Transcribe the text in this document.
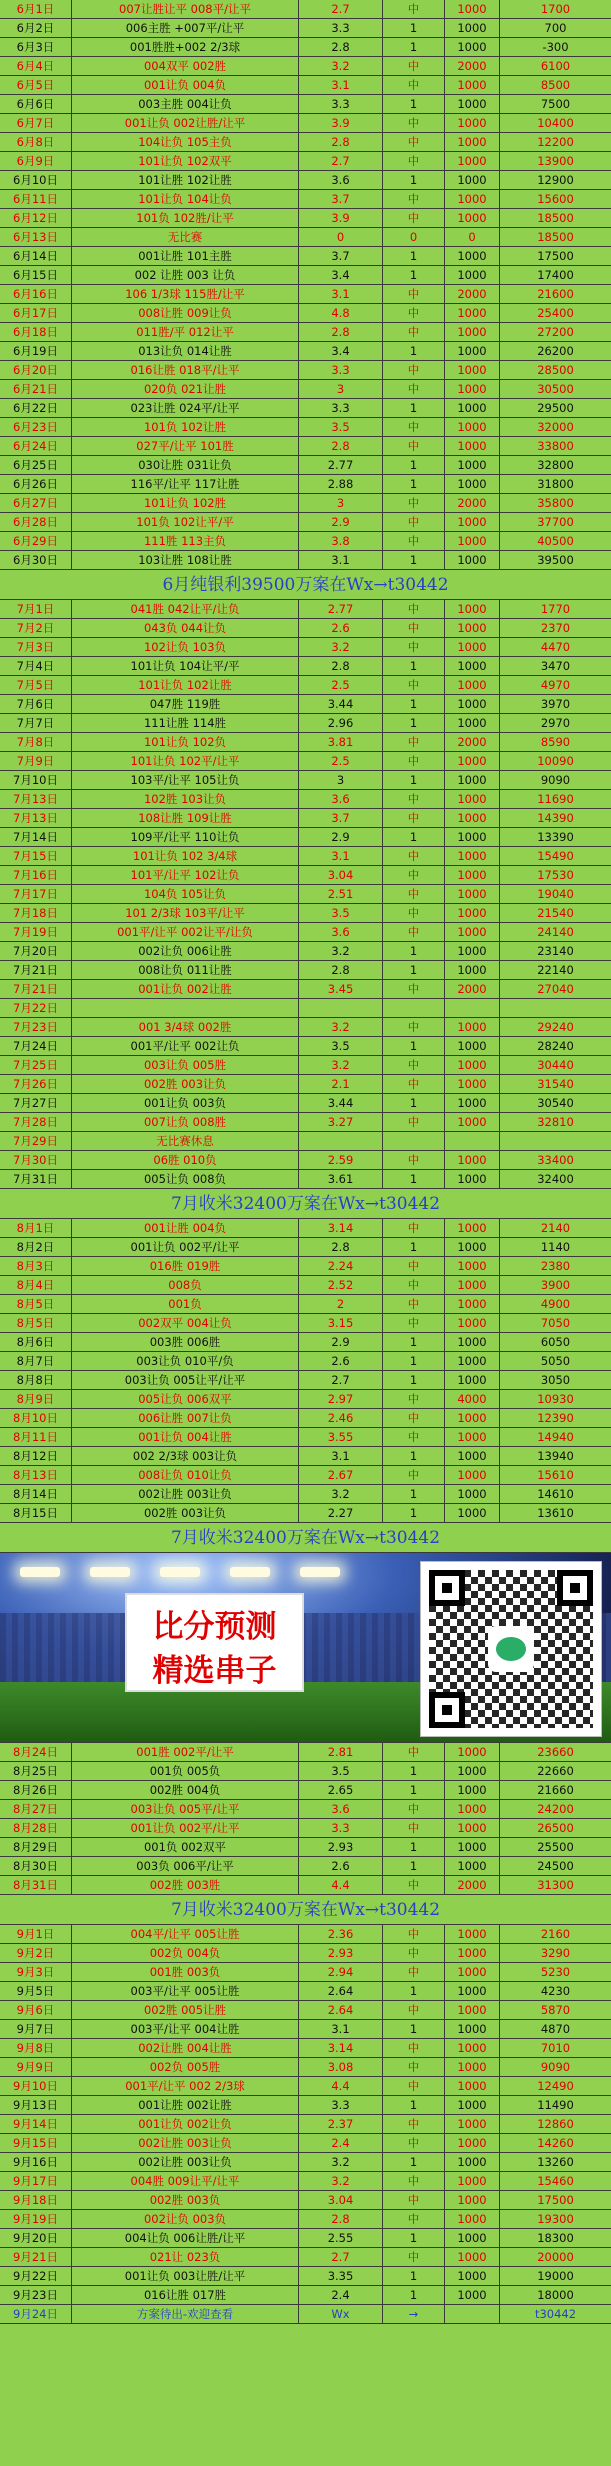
6月1日	007让胜让平 008平/让平	2.7	中	1000	1700
6月2日	006主胜 +007平/让平	3.3	1	1000	700
6月3日	001胜胜+002 2/3球	2.8	1	1000	-300
6月4日	004双平 002胜	3.2	中	2000	6100
6月5日	001让负 004负	3.1	中	1000	8500
6月6日	003主胜 004让负	3.3	1	1000	7500
6月7日	001让负 002让胜/让平	3.9	中	1000	10400
6月8日	104让负 105主负	2.8	中	1000	12200
6月9日	101让负 102双平	2.7	中	1000	13900
6月10日	101让胜 102让胜	3.6	1	1000	12900
6月11日	101让负 104让负	3.7	中	1000	15600
6月12日	101负 102胜/让平	3.9	中	1000	18500
6月13日	无比赛	0	0	0	18500
6月14日	001让胜 101主胜	3.7	1	1000	17500
6月15日	002 让胜 003 让负	3.4	1	1000	17400
6月16日	106 1/3球 115胜/让平	3.1	中	2000	21600
6月17日	008让胜 009让负	4.8	中	1000	25400
6月18日	011胜/平 012让平	2.8	中	1000	27200
6月19日	013让负 014让胜	3.4	1	1000	26200
6月20日	016让胜 018平/让平	3.3	中	1000	28500
6月21日	020负 021让胜	3	中	1000	30500
6月22日	023让胜 024平/让平	3.3	1	1000	29500
6月23日	101负 102让胜	3.5	中	1000	32000
6月24日	027平/让平 101胜	2.8	中	1000	33800
6月25日	030让胜 031让负	2.77	1	1000	32800
6月26日	116平/让平 117让胜	2.88	1	1000	31800
6月27日	101让负 102胜	3	中	2000	35800
6月28日	101负 102让平/平	2.9	中	1000	37700
6月29日	111胜 113主负	3.8	中	1000	40500
6月30日	103让胜 108让胜	3.1	1	1000	39500
6月纯银利39500万案在Wx→t30442
7月1日	041胜 042让平/让负	2.77	中	1000	1770
7月2日	043负 044让负	2.6	中	1000	2370
7月3日	102让负 103负	3.2	中	1000	4470
7月4日	101让负 104让平/平	2.8	1	1000	3470
7月5日	101让负 102让胜	2.5	中	1000	4970
7月6日	047胜 119胜	3.44	1	1000	3970
7月7日	111让胜 114胜	2.96	1	1000	2970
7月8日	101让负 102负	3.81	中	2000	8590
7月9日	101让负 102平/让平	2.5	中	1000	10090
7月10日	103平/让平 105让负	3	1	1000	9090
7月13日	102胜 103让负	3.6	中	1000	11690
7月13日	108让胜 109让胜	3.7	中	1000	14390
7月14日	109平/让平 110让负	2.9	1	1000	13390
7月15日	101让负 102 3/4球	3.1	中	1000	15490
7月16日	101平/让平 102让负	3.04	中	1000	17530
7月17日	104负 105让负	2.51	中	1000	19040
7月18日	101 2/3球 103平/让平	3.5	中	1000	21540
7月19日	001平/让平 002让平/让负	3.6	中	1000	24140
7月20日	002让负 006让胜	3.2	1	1000	23140
7月21日	008让负 011让胜	2.8	1	1000	22140
7月21日	001让负 002让胜	3.45	中	2000	27040
7月22日
7月23日	001 3/4球 002胜	3.2	中	1000	29240
7月24日	001平/让平 002让负	3.5	1	1000	28240
7月25日	003让负 005胜	3.2	中	1000	30440
7月26日	002胜 003让负	2.1	中	1000	31540
7月27日	001让负 003负	3.44	1	1000	30540
7月28日	007让负 008胜	3.27	中	1000	32810
7月29日	无比赛休息
7月30日	06胜 010负	2.59	中	1000	33400
7月31日	005让负 008负	3.61	1	1000	32400
7月收米32400万案在Wx→t30442
8月1日	001让胜 004负	3.14	中	1000	2140
8月2日	001让负 002平/让平	2.8	1	1000	1140
8月3日	016胜 019胜	2.24	中	1000	2380
8月4日	008负	2.52	中	1000	3900
8月5日	001负	2	中	1000	4900
8月5日	002双平 004让负	3.15	中	1000	7050
8月6日	003胜 006胜	2.9	1	1000	6050
8月7日	003让负 010平/负	2.6	1	1000	5050
8月8日	003让负 005让平/让平	2.7	1	1000	3050
8月9日	005让负 006双平	2.97	中	4000	10930
8月10日	006让胜 007让负	2.46	中	1000	12390
8月11日	001让负 004让胜	3.55	中	1000	14940
8月12日	002 2/3球 003让负	3.1	1	1000	13940
8月13日	008让负 010让负	2.67	中	1000	15610
8月14日	002让胜 003让负	3.2	1	1000	14610
8月15日	002胜 003让负	2.27	1	1000	13610
7月收米32400万案在Wx→t30442
比分预测
精选串子
8月24日	001胜 002平/让平	2.81	中	1000	23660
8月25日	001负 005负	3.5	1	1000	22660
8月26日	002胜 004负	2.65	1	1000	21660
8月27日	003让负 005平/让平	3.6	中	1000	24200
8月28日	001让负 002平/让平	3.3	中	1000	26500
8月29日	001负 002双平	2.93	1	1000	25500
8月30日	003负 006平/让平	2.6	1	1000	24500
8月31日	002胜 003胜	4.4	中	2000	31300
7月收米32400万案在Wx→t30442
9月1日	004平/让平 005让胜	2.36	中	1000	2160
9月2日	002负 004负	2.93	中	1000	3290
9月3日	001胜 003负	2.94	中	1000	5230
9月5日	003平/让平 005让胜	2.64	1	1000	4230
9月6日	002胜 005让胜	2.64	中	1000	5870
9月7日	003平/让平 004让胜	3.1	1	1000	4870
9月8日	002让胜 004让胜	3.14	中	1000	7010
9月9日	002负 005胜	3.08	中	1000	9090
9月10日	001平/让平 002 2/3球	4.4	中	1000	12490
9月13日	001让胜 002让胜	3.3	1	1000	11490
9月14日	001让负 002让负	2.37	中	1000	12860
9月15日	002让胜 003让负	2.4	中	1000	14260
9月16日	002让胜 003让负	3.2	1	1000	13260
9月17日	004胜 009让平/让平	3.2	中	1000	15460
9月18日	002胜 003负	3.04	中	1000	17500
9月19日	002让负 003负	2.8	中	1000	19300
9月20日	004让负 006让胜/让平	2.55	1	1000	18300
9月21日	021让 023负	2.7	中	1000	20000
9月22日	001让负 003让胜/让平	3.35	1	1000	19000
9月23日	016让胜 017胜	2.4	1	1000	18000
9月24日	方案待出-欢迎查看	Wx	→	t30442
